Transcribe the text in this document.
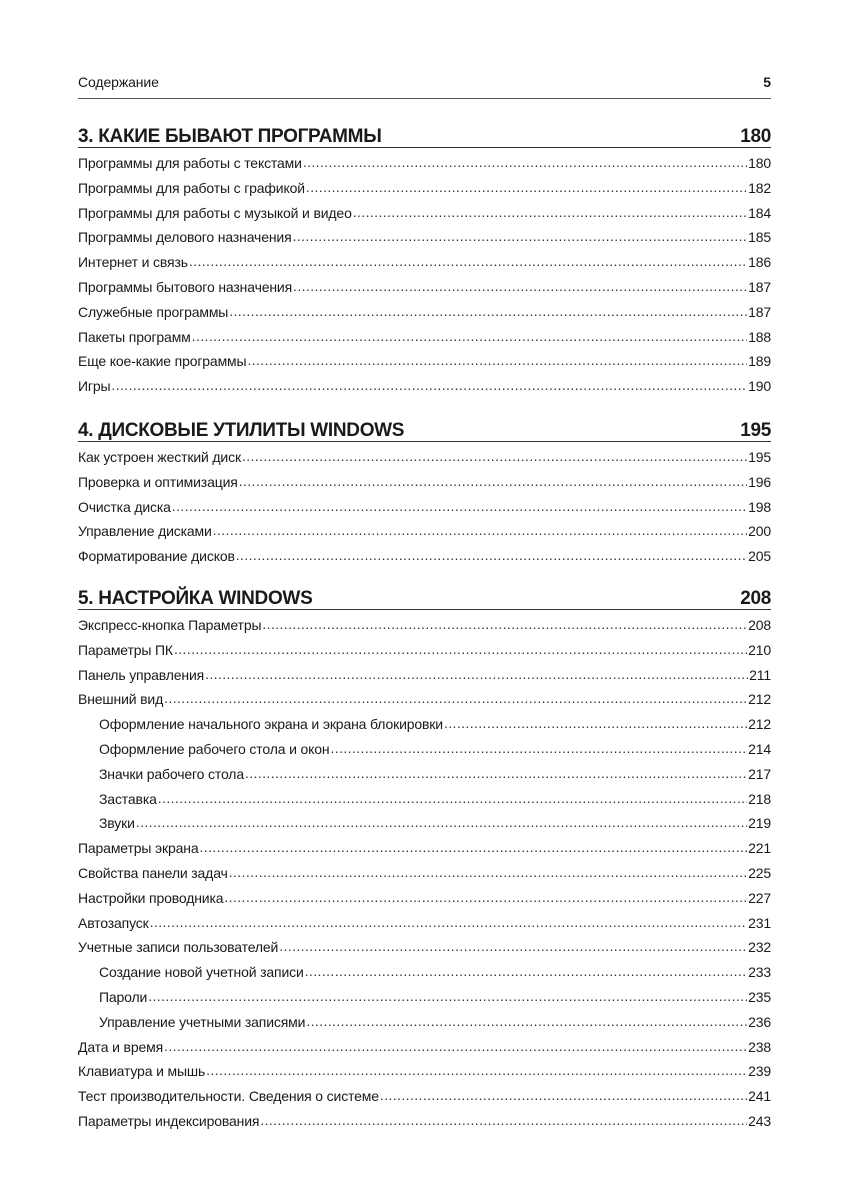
Содержание	5
3. КАКИЕ БЫВАЮТ ПРОГРАММЫ	180
Программы для работы с текстами .....	180
Программы для работы с графикой .....	182
Программы для работы с музыкой и видео .....	184
Программы делового назначения .....	185
Интернет и связь .....	186
Программы бытового назначения .....	187
Служебные программы .....	187
Пакеты программ .....	188
Еще кое-какие программы .....	189
Игры .....	190
4. ДИСКОВЫЕ УТИЛИТЫ WINDOWS	195
Как устроен жесткий диск .....	195
Проверка и оптимизация .....	196
Очистка диска .....	198
Управление дисками .....	200
Форматирование дисков .....	205
5. НАСТРОЙКА WINDOWS	208
Экспресс-кнопка Параметры .....	208
Параметры ПК .....	210
Панель управления .....	211
Внешний вид .....	212
Оформление начального экрана и экрана блокировки .....	212
Оформление рабочего стола и окон .....	214
Значки рабочего стола .....	217
Заставка .....	218
Звуки .....	219
Параметры экрана .....	221
Свойства панели задач .....	225
Настройки проводника .....	227
Автозапуск .....	231
Учетные записи пользователей .....	232
Создание новой учетной записи .....	233
Пароли .....	235
Управление учетными записями .....	236
Дата и время .....	238
Клавиатура и мышь .....	239
Тест производительности. Сведения о системе .....	241
Параметры индексирования .....	243
